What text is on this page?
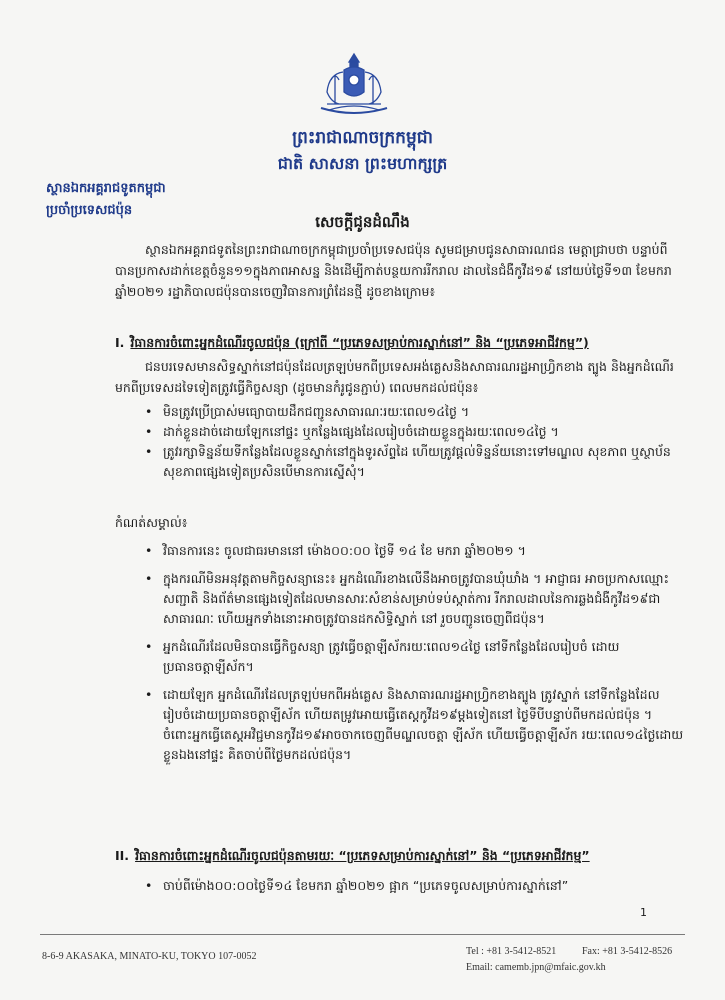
ព្រះរាជាណាចក្រកម្ពុជា
ជាតិ សាសនា ព្រះមហាក្សត្រ
ស្ថានឯកអគ្គរាជទូតកម្ពុជា
ប្រចាំប្រទេសជប៉ុន
សេចក្តីជូនដំណឹង
ស្ថានឯកអគ្គរាជទូតនៃព្រះរាជាណាចក្រកម្ពុជាប្រចាំប្រទេសជប៉ុន សូមជម្រាបជូនសាធារណជន មេត្តាជ្រាបថា បន្ទាប់ពីបានប្រកាសដាក់ខេត្តចំនួន១១ក្នុងភាពអាសន្ន និងដើម្បីកាត់បន្ថយការរីករាល ដាលនៃជំងឺកូវីដ១៩ នៅយប់ថ្ងៃទី១៣ ខែមករាឆ្នាំ២០២១ រដ្ឋាភិបាលជប៉ុនបានចេញវិធានការព្រំដែនថ្មី ដូចខាងក្រោម៖
I. វិធានការចំពោះអ្នកដំណើរចូលជប៉ុន (ក្រៅពី “ប្រភេទសម្រាប់ការស្នាក់នៅ” និង “ប្រភេទអាជីវកម្ម”)
ជនបរទេសមានសិទ្ធស្នាក់នៅជប៉ុនដែលត្រឡប់មកពីប្រទេសអង់គ្លេសនិងសាធារណរដ្ឋអាហ្វ្រិកខាង ត្បូង និងអ្នកដំណើរមកពីប្រទេសដទៃទៀតត្រូវធ្វើកិច្ចសន្យា (ដូចមានកំរូជូនភ្ជាប់) ពេលមកដល់ជប៉ុន៖
• មិនត្រូវប្រើប្រាស់មធ្យោបាយដឹកជញ្ជូនសាធារណៈរយៈពេល១៤ថ្ងៃ ។
• ដាក់ខ្លួនដាច់ដោយឡែកនៅផ្ទះ ឬកន្លែងផ្សេងដែលរៀបចំដោយខ្លួនក្នុងរយៈពេល១៤ថ្ងៃ ។
• ត្រូវរក្សាទិន្នន័យទីកន្លែងដែលខ្លួនស្នាក់នៅក្នុងទូរស័ព្ទដៃ ហើយត្រូវផ្តល់ទិន្នន័យនោះទៅមណ្ឌល សុខភាព ឬស្ថាប័នសុខភាពផ្សេងទៀតប្រសិនបើមានការស្នើសុំ។
កំណត់សម្គាល់៖
• វិធានការនេះ ចូលជាធរមាននៅ ម៉ោង០០:០០ ថ្ងៃទី ១៤ ខែ មករា ឆ្នាំ២០២១ ។
• ក្នុងករណីមិនអនុវត្តតាមកិច្ចសន្យានេះ៖ អ្នកដំណើរខាងលើនឹងអាចត្រូវបានឃុំឃាំង ។ អាជ្ញាធរ អាចប្រកាសឈ្មោះ សញ្ជាតិ និងព័ត៌មានផ្សេងទៀតដែលមានសារៈសំខាន់សម្រាប់ទប់ស្កាត់ការ រីករាលដាលនៃការឆ្លងជំងឺកូវីដ១៩ជាសាធារណៈ ហើយអ្នកទាំងនោះអាចត្រូវបានដកសិទ្ធិស្នាក់ នៅ រួចបញ្ជូនចេញពីជប៉ុន។
• អ្នកដំណើរដែលមិនបានធ្វើកិច្ចសន្យា ត្រូវធ្វើចត្តាឡីស័ករយៈពេល១៤ថ្ងៃ នៅទីកន្លែងដែលរៀបចំ ដោយប្រធានចត្តាឡីស័ក។
• ដោយឡែក អ្នកដំណើរដែលត្រឡប់មកពីអង់គ្លេស និងសាធារណរដ្ឋអាហ្វ្រិកខាងត្បូង ត្រូវស្នាក់ នៅទីកន្លែងដែលរៀបចំដោយប្រធានចត្តាឡីស័ក ហើយតម្រូវអោយធ្វើតេស្តកូវីដ១៩ម្តងទៀតនៅ ថ្ងៃទីបីបន្ទាប់ពីមកដល់ជប៉ុន ។ ចំពោះអ្នកធ្វើតេស្តអវិជ្ជមានកូវីដ១៩អាចចាកចេញពីមណ្ឌលចត្តា ឡីស័ក ហើយធ្វើចត្តាឡីស័ក រយៈពេល១៤ថ្ងៃដោយខ្លួនឯងនៅផ្ទះ គិតចាប់ពីថ្ងៃមកដល់ជប៉ុន។
II. វិធានការចំពោះអ្នកដំណើរចូលជប៉ុនតាមរយៈ “ប្រភេទសម្រាប់ការស្នាក់នៅ” និង “ប្រភេទអាជីវកម្ម”
• ចាប់ពីម៉ោង០០:០០ថ្ងៃទី១៤ ខែមករា ឆ្នាំ២០២១ ផ្អាក “ប្រភេទចូលសម្រាប់ការស្នាក់នៅ”
1
8-6-9 AKASAKA, MINATO-KU, TOKYO 107-0052	Tel : +81 3-5412-8521	Fax: +81 3-5412-8526
Email: camemb.jpn@mfaic.gov.kh
